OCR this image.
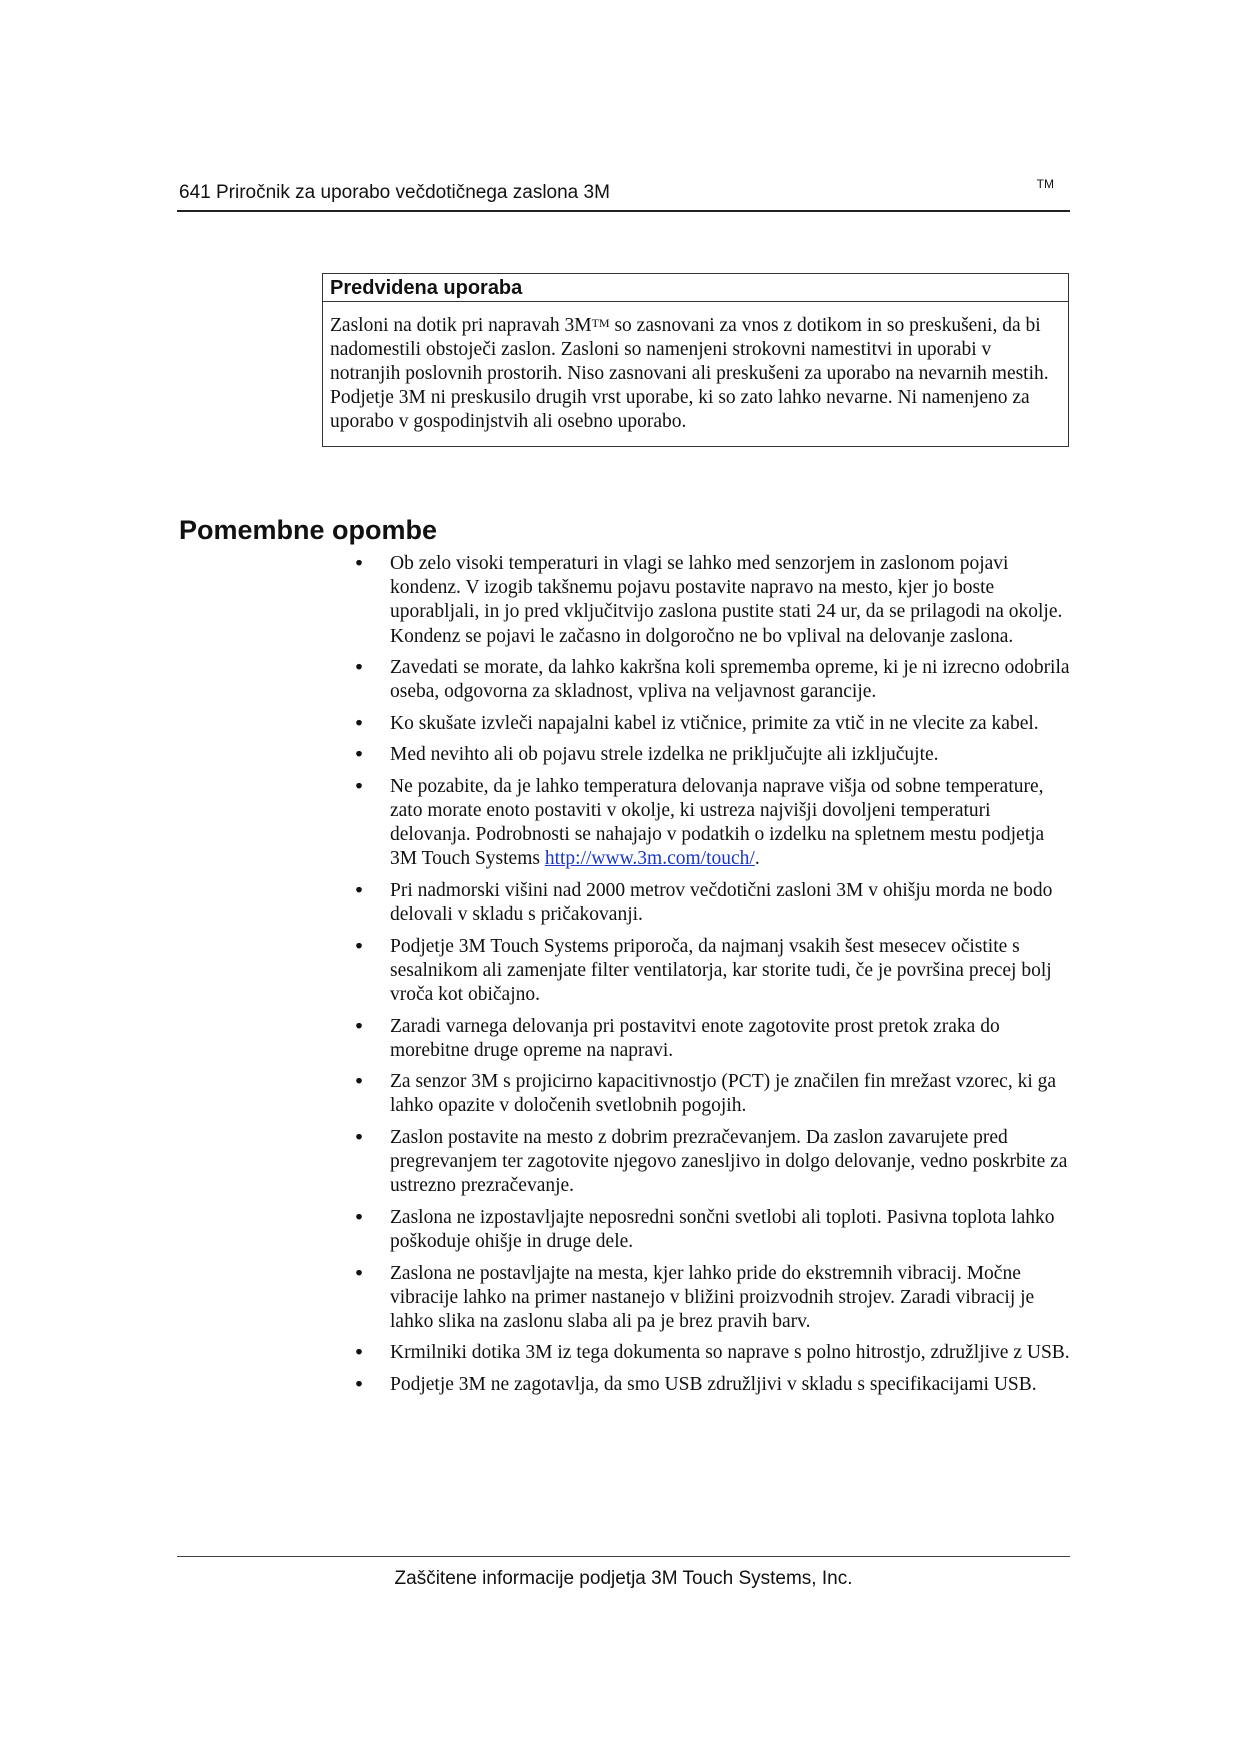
641 Priročnik za uporabo večdotičnega zaslona 3M	TM
Predvidena uporaba
Zasloni na dotik pri napravah 3M™ so zasnovani za vnos z dotikom in so preskušeni, da bi nadomestili obstoječi zaslon. Zasloni so namenjeni strokovni namestitvi in uporabi v notranjih poslovnih prostorih. Niso zasnovani ali preskušeni za uporabo na nevarnih mestih. Podjetje 3M ni preskusilo drugih vrst uporabe, ki so zato lahko nevarne. Ni namenjeno za uporabo v gospodinjstvih ali osebno uporabo.
Pomembne opombe
• Ob zelo visoki temperaturi in vlagi se lahko med senzorjem in zaslonom pojavi kondenz. V izogib takšnemu pojavu postavite napravo na mesto, kjer jo boste uporabljali, in jo pred vključitvijo zaslona pustite stati 24 ur, da se prilagodi na okolje. Kondenz se pojavi le začasno in dolgoročno ne bo vplival na delovanje zaslona.
• Zavedati se morate, da lahko kakršna koli sprememba opreme, ki je ni izrecno odobrila oseba, odgovorna za skladnost, vpliva na veljavnost garancije.
• Ko skušate izvleči napajalni kabel iz vtičnice, primite za vtič in ne vlecite za kabel.
• Med nevihto ali ob pojavu strele izdelka ne priključujte ali izključujte.
• Ne pozabite, da je lahko temperatura delovanja naprave višja od sobne temperature, zato morate enoto postaviti v okolje, ki ustreza najvišji dovoljeni temperaturi delovanja. Podrobnosti se nahajajo v podatkih o izdelku na spletnem mestu podjetja 3M Touch Systems http://www.3m.com/touch/.
• Pri nadmorski višini nad 2000 metrov večdotični zasloni 3M v ohišju morda ne bodo delovali v skladu s pričakovanji.
• Podjetje 3M Touch Systems priporoča, da najmanj vsakih šest mesecev očistite s sesalnikom ali zamenjate filter ventilatorja, kar storite tudi, če je površina precej bolj vroča kot običajno.
• Zaradi varnega delovanja pri postavitvi enote zagotovite prost pretok zraka do morebitne druge opreme na napravi.
• Za senzor 3M s projicirno kapacitivnostjo (PCT) je značilen fin mrežast vzorec, ki ga lahko opazite v določenih svetlobnih pogojih.
• Zaslon postavite na mesto z dobrim prezračevanjem. Da zaslon zavarujete pred pregrevanjem ter zagotovite njegovo zanesljivo in dolgo delovanje, vedno poskrbite za ustrezno prezračevanje.
• Zaslona ne izpostavljajte neposredni sončni svetlobi ali toploti. Pasivna toplota lahko poškoduje ohišje in druge dele.
• Zaslona ne postavljajte na mesta, kjer lahko pride do ekstremnih vibracij. Močne vibracije lahko na primer nastanejo v bližini proizvodnih strojev. Zaradi vibracij je lahko slika na zaslonu slaba ali pa je brez pravih barv.
• Krmilniki dotika 3M iz tega dokumenta so naprave s polno hitrostjo, združljive z USB.
• Podjetje 3M ne zagotavlja, da smo USB združljivi v skladu s specifikacijami USB.
Zaščitene informacije podjetja 3M Touch Systems, Inc.
